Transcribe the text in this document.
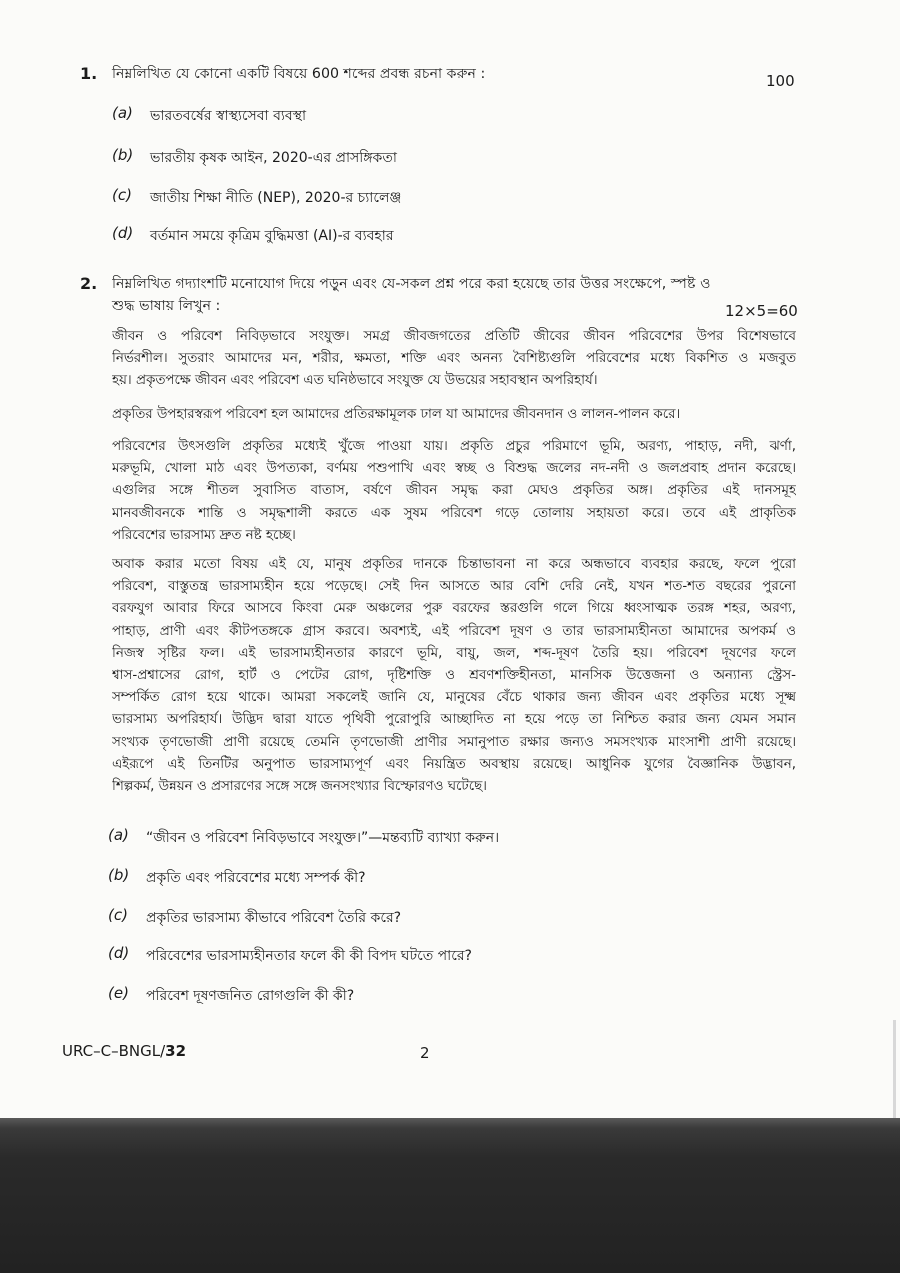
1. নিম্নলিখিত যে কোনো একটি বিষয়ে 600 শব্দের প্রবন্ধ রচনা করুন :	100
(a) ভারতবর্ষের স্বাস্থ্যসেবা ব্যবস্থা
(b) ভারতীয় কৃষক আইন, 2020-এর প্রাসঙ্গিকতা
(c) জাতীয় শিক্ষা নীতি (NEP), 2020-র চ্যালেঞ্জ
(d) বর্তমান সময়ে কৃত্রিম বুদ্ধিমত্তা (AI)-র ব্যবহার
2. নিম্নলিখিত গদ্যাংশটি মনোযোগ দিয়ে পড়ুন এবং যে-সকল প্রশ্ন পরে করা হয়েছে তার উত্তর সংক্ষেপে, স্পষ্ট ও
শুদ্ধ ভাষায় লিখুন :	12×5=60
জীবন ও পরিবেশ নিবিড়ভাবে সংযুক্ত। সমগ্র জীবজগতের প্রতিটি জীবের জীবন পরিবেশের উপর বিশেষভাবে
নির্ভরশীল। সুতরাং আমাদের মন, শরীর, ক্ষমতা, শক্তি এবং অনন্য বৈশিষ্ট্যগুলি পরিবেশের মধ্যে বিকশিত ও মজবুত
হয়। প্রকৃতপক্ষে জীবন এবং পরিবেশ এত ঘনিষ্ঠভাবে সংযুক্ত যে উভয়ের সহাবস্থান অপরিহার্য।
প্রকৃতির উপহারস্বরূপ পরিবেশ হল আমাদের প্রতিরক্ষামূলক ঢাল যা আমাদের জীবনদান ও লালন-পালন করে।
পরিবেশের উৎসগুলি প্রকৃতির মধ্যেই খুঁজে পাওয়া যায়। প্রকৃতি প্রচুর পরিমাণে ভূমি, অরণ্য, পাহাড়, নদী, ঝর্ণা,
মরুভূমি, খোলা মাঠ এবং উপত্যকা, বর্ণময় পশুপাখি এবং স্বচ্ছ ও বিশুদ্ধ জলের নদ-নদী ও জলপ্রবাহ প্রদান করেছে।
এগুলির সঙ্গে শীতল সুবাসিত বাতাস, বর্ষণে জীবন সমৃদ্ধ করা মেঘও প্রকৃতির অঙ্গ। প্রকৃতির এই দানসমূহ
মানবজীবনকে শান্তি ও সমৃদ্ধশালী করতে এক সুষম পরিবেশ গড়ে তোলায় সহায়তা করে। তবে এই প্রাকৃতিক
পরিবেশের ভারসাম্য দ্রুত নষ্ট হচ্ছে।
অবাক করার মতো বিষয় এই যে, মানুষ প্রকৃতির দানকে চিন্তাভাবনা না করে অন্ধভাবে ব্যবহার করছে, ফলে পুরো
পরিবেশ, বাস্তুতন্ত্র ভারসাম্যহীন হয়ে পড়েছে। সেই দিন আসতে আর বেশি দেরি নেই, যখন শত-শত বছরের পুরনো
বরফযুগ আবার ফিরে আসবে কিংবা মেরু অঞ্চলের পুরু বরফের স্তরগুলি গলে গিয়ে ধ্বংসাত্মক তরঙ্গ শহর, অরণ্য,
পাহাড়, প্রাণী এবং কীটপতঙ্গকে গ্রাস করবে। অবশ্যই, এই পরিবেশ দূষণ ও তার ভারসাম্যহীনতা আমাদের অপকর্ম ও
নিজস্ব সৃষ্টির ফল। এই ভারসাম্যহীনতার কারণে ভূমি, বায়ু, জল, শব্দ-দূষণ তৈরি হয়। পরিবেশ দূষণের ফলে
শ্বাস-প্রশ্বাসের রোগ, হার্ট ও পেটের রোগ, দৃষ্টিশক্তি ও শ্রবণশক্তিহীনতা, মানসিক উত্তেজনা ও অন্যান্য স্ট্রেস-
সম্পর্কিত রোগ হয়ে থাকে। আমরা সকলেই জানি যে, মানুষের বেঁচে থাকার জন্য জীবন এবং প্রকৃতির মধ্যে সূক্ষ্ম
ভারসাম্য অপরিহার্য। উদ্ভিদ দ্বারা যাতে পৃথিবী পুরোপুরি আচ্ছাদিত না হয়ে পড়ে তা নিশ্চিত করার জন্য যেমন সমান
সংখ্যক তৃণভোজী প্রাণী রয়েছে তেমনি তৃণভোজী প্রাণীর সমানুপাত রক্ষার জন্যও সমসংখ্যক মাংসাশী প্রাণী রয়েছে।
এইরূপে এই তিনটির অনুপাত ভারসাম্যপূর্ণ এবং নিয়ন্ত্রিত অবস্থায় রয়েছে। আধুনিক যুগের বৈজ্ঞানিক উদ্ভাবন,
শিল্পকর্ম, উন্নয়ন ও প্রসারণের সঙ্গে সঙ্গে জনসংখ্যার বিস্ফোরণও ঘটেছে।
(a) “জীবন ও পরিবেশ নিবিড়ভাবে সংযুক্ত।”—মন্তব্যটি ব্যাখ্যা করুন।
(b) প্রকৃতি এবং পরিবেশের মধ্যে সম্পর্ক কী?
(c) প্রকৃতির ভারসাম্য কীভাবে পরিবেশ তৈরি করে?
(d) পরিবেশের ভারসাম্যহীনতার ফলে কী কী বিপদ ঘটতে পারে?
(e) পরিবেশ দূষণজনিত রোগগুলি কী কী?
URC–C–BNGL/32	2
